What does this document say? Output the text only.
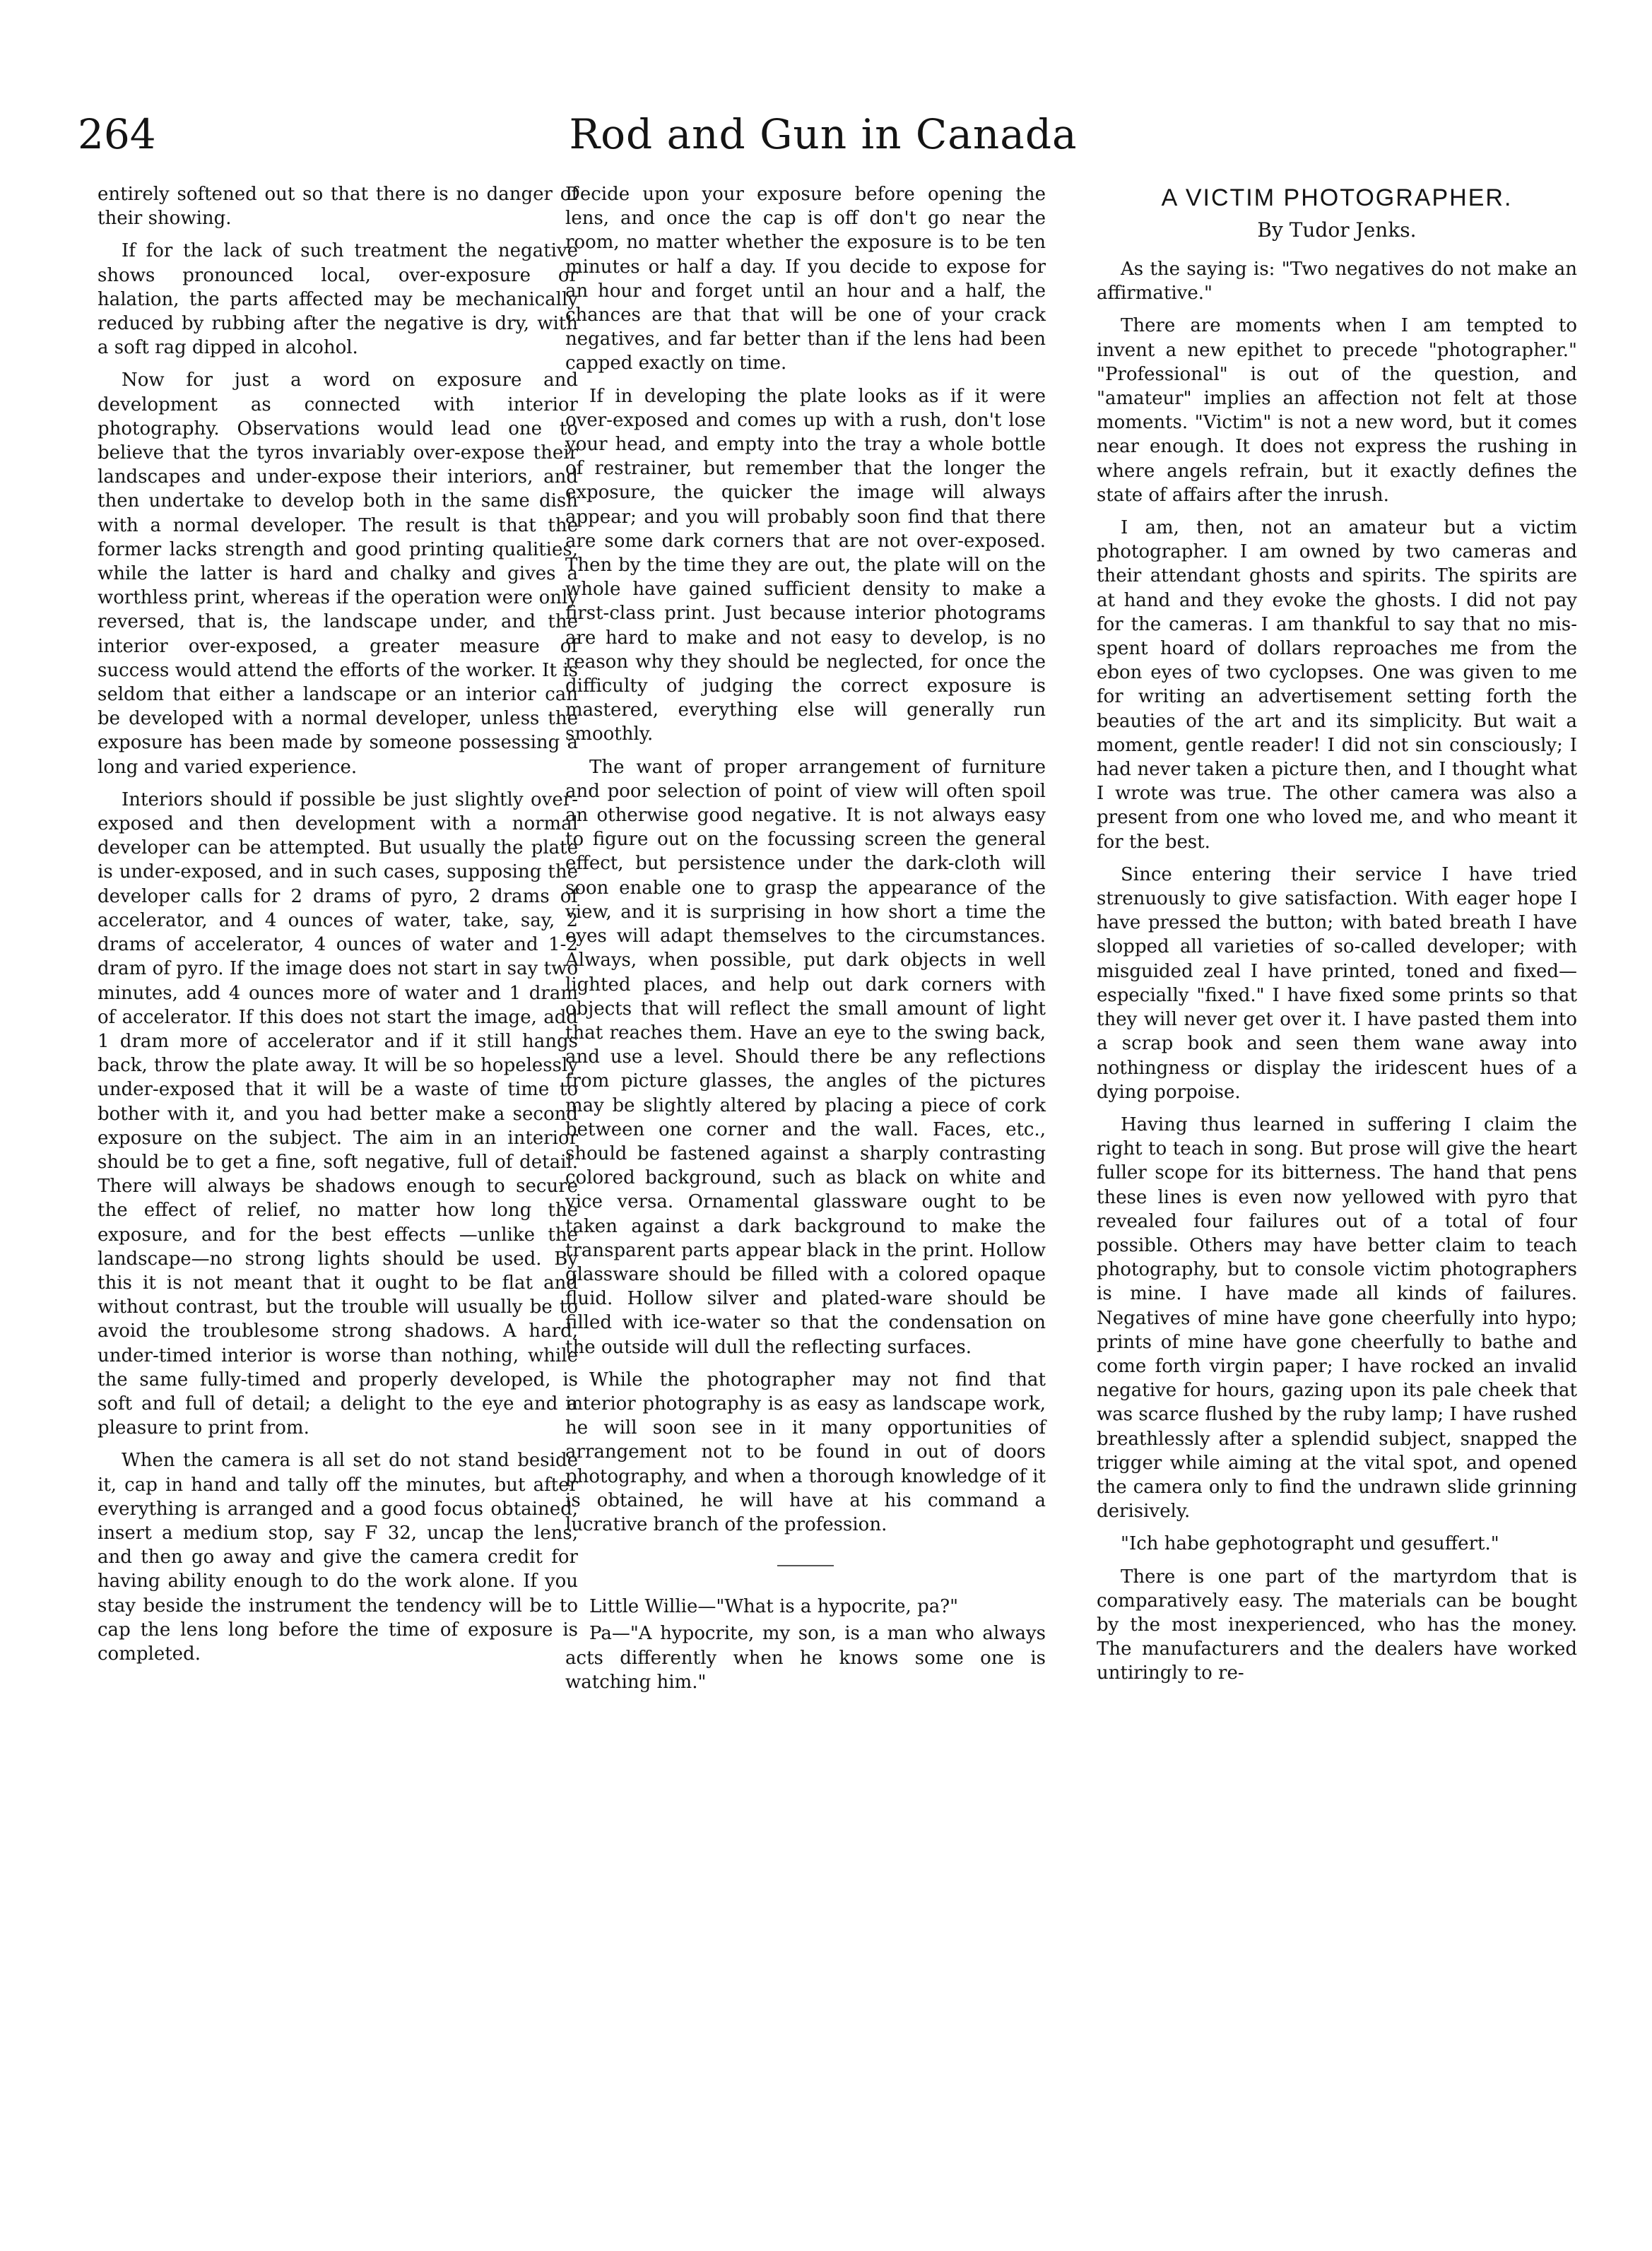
264	Rod and Gun in Canada

entirely softened out so that there is no danger of their showing.

If for the lack of such treatment the negative shows pronounced local, over-exposure or halation, the parts affected may be mechanically reduced by rubbing after the negative is dry, with a soft rag dipped in alcohol.

Now for just a word on exposure and development as connected with interior photography. Observations would lead one to believe that the tyros invariably over-expose their landscapes and under-expose their interiors, and then undertake to develop both in the same dish with a normal developer. The result is that the former lacks strength and good printing qualities, while the latter is hard and chalky and gives a worthless print, whereas if the operation were only reversed, that is, the landscape under, and the interior over-exposed, a greater measure of success would attend the efforts of the worker. It is seldom that either a landscape or an interior can be developed with a normal developer, unless the exposure has been made by someone possessing a long and varied experience.

Interiors should if possible be just slightly over-exposed and then development with a normal developer can be attempted. But usually the plate is under-exposed, and in such cases, supposing the developer calls for 2 drams of pyro, 2 drams of accelerator, and 4 ounces of water, take, say, 2 drams of accelerator, 4 ounces of water and 1-2 dram of pyro. If the image does not start in say two minutes, add 4 ounces more of water and 1 dram of accelerator. If this does not start the image, add 1 dram more of accelerator and if it still hangs back, throw the plate away. It will be so hopelessly under-exposed that it will be a waste of time to bother with it, and you had better make a second exposure on the subject. The aim in an interior should be to get a fine, soft negative, full of detail. There will always be shadows enough to secure the effect of relief, no matter how long the exposure, and for the best effects —unlike the landscape—no strong lights should be used. By this it is not meant that it ought to be flat and without contrast, but the trouble will usually be to avoid the troublesome strong shadows. A hard, under-timed interior is worse than nothing, while the same fully-timed and properly developed, is soft and full of detail; a delight to the eye and a pleasure to print from.

When the camera is all set do not stand beside it, cap in hand and tally off the minutes, but after everything is arranged and a good focus obtained, insert a medium stop, say F 32, uncap the lens, and then go away and give the camera credit for having ability enough to do the work alone. If you stay beside the instrument the tendency will be to cap the lens long before the time of exposure is completed.

Decide upon your exposure before opening the lens, and once the cap is off don't go near the room, no matter whether the exposure is to be ten minutes or half a day. If you decide to expose for an hour and forget until an hour and a half, the chances are that that will be one of your crack negatives, and far better than if the lens had been capped exactly on time.

If in developing the plate looks as if it were over-exposed and comes up with a rush, don't lose your head, and empty into the tray a whole bottle of restrainer, but remember that the longer the exposure, the quicker the image will always appear; and you will probably soon find that there are some dark corners that are not over-exposed. Then by the time they are out, the plate will on the whole have gained sufficient density to make a first-class print. Just because interior photograms are hard to make and not easy to develop, is no reason why they should be neglected, for once the difficulty of judging the correct exposure is mastered, everything else will generally run smoothly.

The want of proper arrangement of furniture and poor selection of point of view will often spoil an otherwise good negative. It is not always easy to figure out on the focussing screen the general effect, but persistence under the dark-cloth will soon enable one to grasp the appearance of the view, and it is surprising in how short a time the eyes will adapt themselves to the circumstances. Always, when possible, put dark objects in well lighted places, and help out dark corners with objects that will reflect the small amount of light that reaches them. Have an eye to the swing back, and use a level. Should there be any reflections from picture glasses, the angles of the pictures may be slightly altered by placing a piece of cork between one corner and the wall. Faces, etc., should be fastened against a sharply contrasting colored background, such as black on white and vice versa. Ornamental glassware ought to be taken against a dark background to make the transparent parts appear black in the print. Hollow glassware should be filled with a colored opaque fluid. Hollow silver and plated-ware should be filled with ice-water so that the condensation on the outside will dull the reflecting surfaces.

While the photographer may not find that interior photography is as easy as landscape work, he will soon see in it many opportunities of arrangement not to be found in out of doors photography, and when a thorough knowledge of it is obtained, he will have at his command a lucrative branch of the profession.

Little Willie—"What is a hypocrite, pa?"

Pa—"A hypocrite, my son, is a man who always acts differently when he knows some one is watching him."

A VICTIM PHOTOGRAPHER.
By Tudor Jenks.

As the saying is: "Two negatives do not make an affirmative."

There are moments when I am tempted to invent a new epithet to precede "photographer." "Professional" is out of the question, and "amateur" implies an affection not felt at those moments. "Victim" is not a new word, but it comes near enough. It does not express the rushing in where angels refrain, but it exactly defines the state of affairs after the inrush.

I am, then, not an amateur but a victim photographer. I am owned by two cameras and their attendant ghosts and spirits. The spirits are at hand and they evoke the ghosts. I did not pay for the cameras. I am thankful to say that no mis-spent hoard of dollars reproaches me from the ebon eyes of two cyclopses. One was given to me for writing an advertisement setting forth the beauties of the art and its simplicity. But wait a moment, gentle reader! I did not sin consciously; I had never taken a picture then, and I thought what I wrote was true. The other camera was also a present from one who loved me, and who meant it for the best.

Since entering their service I have tried strenuously to give satisfaction. With eager hope I have pressed the button; with bated breath I have slopped all varieties of so-called developer; with misguided zeal I have printed, toned and fixed—especially "fixed." I have fixed some prints so that they will never get over it. I have pasted them into a scrap book and seen them wane away into nothingness or display the iridescent hues of a dying porpoise.

Having thus learned in suffering I claim the right to teach in song. But prose will give the heart fuller scope for its bitterness. The hand that pens these lines is even now yellowed with pyro that revealed four failures out of a total of four possible. Others may have better claim to teach photography, but to console victim photographers is mine. I have made all kinds of failures. Negatives of mine have gone cheerfully into hypo; prints of mine have gone cheerfully to bathe and come forth virgin paper; I have rocked an invalid negative for hours, gazing upon its pale cheek that was scarce flushed by the ruby lamp; I have rushed breathlessly after a splendid subject, snapped the trigger while aiming at the vital spot, and opened the camera only to find the undrawn slide grinning derisively.

"Ich habe gephotographt und gesuffert."

There is one part of the martyrdom that is comparatively easy. The materials can be bought by the most inexperienced, who has the money. The manufacturers and the dealers have worked untiringly to re-
